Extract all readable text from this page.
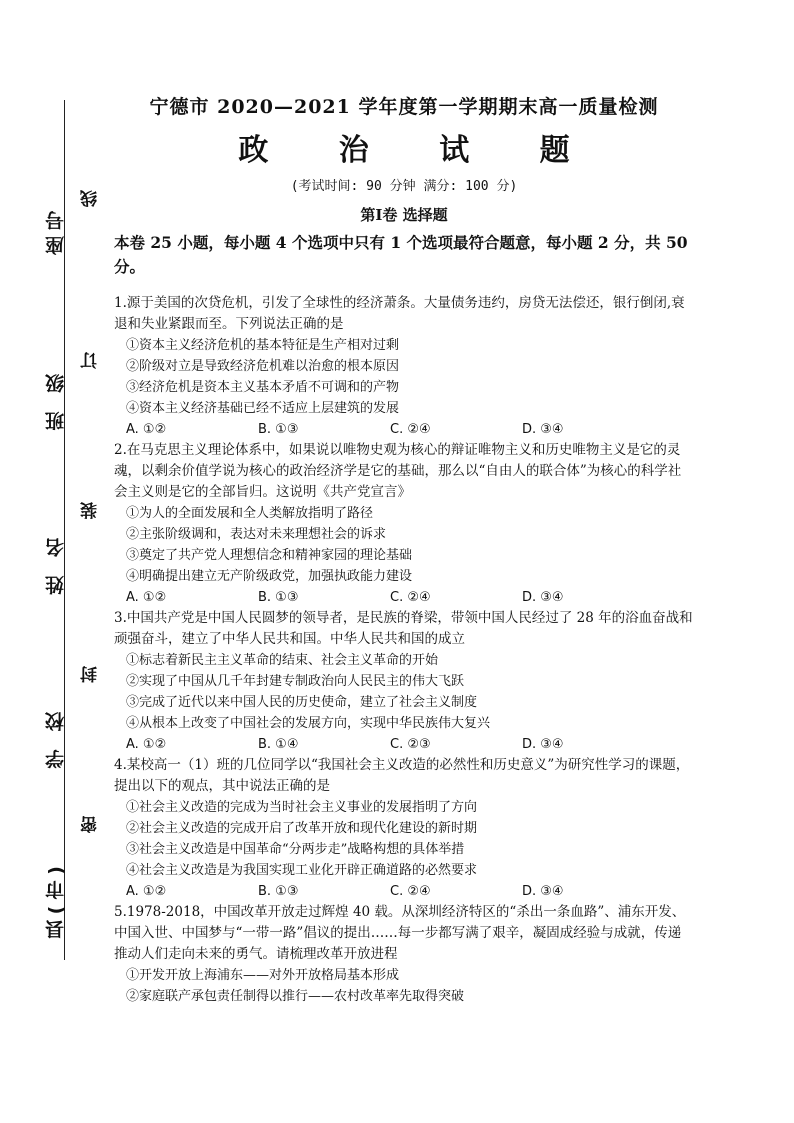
座号
班 级
姓 名
学 校
县(市)
线
订
装
封
密

宁德市 2020—2021 学年度第一学期期末高一质量检测

政 治 试 题

(考试时间: 90 分钟 满分: 100 分)

第Ⅰ卷 选择题

本卷 25 小题，每小题 4 个选项中只有 1 个选项最符合题意，每小题 2 分，共 50 分。

1.源于美国的次贷危机，引发了全球性的经济萧条。大量债务违约，房贷无法偿还，银行倒闭,衰退和失业紧跟而至。下列说法正确的是

①资本主义经济危机的基本特征是生产相对过剩

②阶级对立是导致经济危机难以治愈的根本原因

③经济危机是资本主义基本矛盾不可调和的产物

④资本主义经济基础已经不适应上层建筑的发展

A. ①②	B. ①③	C. ②④	D. ③④

2.在马克思主义理论体系中，如果说以唯物史观为核心的辩证唯物主义和历史唯物主义是它的灵魂，以剩余价值学说为核心的政治经济学是它的基础，那么以“自由人的联合体”为核心的科学社会主义则是它的全部旨归。这说明《共产党宣言》

①为人的全面发展和全人类解放指明了路径

②主张阶级调和，表达对未来理想社会的诉求

③奠定了共产党人理想信念和精神家园的理论基础

④明确提出建立无产阶级政党，加强执政能力建设

A. ①②	B. ①③	C. ②④	D. ③④

3.中国共产党是中国人民圆梦的领导者，是民族的脊梁，带领中国人民经过了 28 年的浴血奋战和顽强奋斗，建立了中华人民共和国。中华人民共和国的成立

①标志着新民主主义革命的结束、社会主义革命的开始

②实现了中国从几千年封建专制政治向人民民主的伟大飞跃

③完成了近代以来中国人民的历史使命，建立了社会主义制度

④从根本上改变了中国社会的发展方向，实现中华民族伟大复兴

A. ①②	B. ①④	C. ②③	D. ③④

4.某校高一（1）班的几位同学以“我国社会主义改造的必然性和历史意义”为研究性学习的课题，提出以下的观点，其中说法正确的是

①社会主义改造的完成为当时社会主义事业的发展指明了方向

②社会主义改造的完成开启了改革开放和现代化建设的新时期

③社会主义改造是中国革命“分两步走”战略构想的具体举措

④社会主义改造是为我国实现工业化开辟正确道路的必然要求

A. ①②	B. ①③	C. ②④	D. ③④

5.1978-2018，中国改革开放走过辉煌 40 载。从深圳经济特区的“杀出一条血路”、浦东开发、中国入世、中国梦与“一带一路”倡议的提出……每一步都写满了艰辛，凝固成经验与成就，传递推动人们走向未来的勇气。请梳理改革开放进程

①开发开放上海浦东——对外开放格局基本形成

②家庭联产承包责任制得以推行——农村改革率先取得突破
